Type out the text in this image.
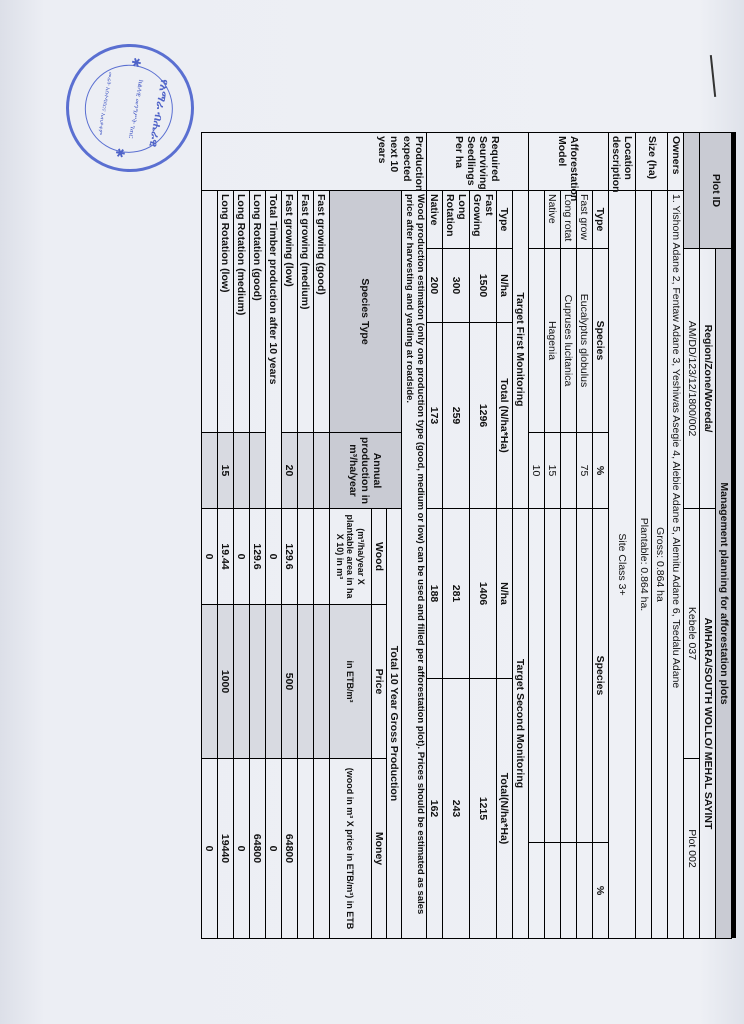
✱
✱
የአማራ ብሔራዊ
ክልላዊ መንግሥት ገጠር
መሬት አስተዳደርና አጠቃቀም
Plot ID		Management planning for afforestation plots							
		Region/Zone/Woreda/			AMHARA/SOUTH WOLLO/ MEHAL SAYINT				
		AM/DD/123/12/1800/002			Kebele 037			Plot 002	
Owners	1. Yishom Adane 2, Fentaw Adane 3, Yeshiwas Asegie 4, Alebie Adane 5, Alemitu Adane 6, Tsedalu Adane								
Size (ha)	Gross: 0.864 ha								
	Plantable: 0.864 ha.								
Location description	Site Class 3+								
Afforestation Model	Type	Species		%	Species				%
	Fast grow	Eucalyptus globulus		75					
	Long rotat	Cupruses lucitanica							
	Native	Hagenia		15					
				10					
Required Seurviving Seedlings Per ha	Target First Monitoring				Target Second Monitoring				
	Type	N/ha	Total (N/ha*Ha)		N/ha		Total(N/ha*Ha)		
	Fast Growing	1500	1296		1406		1215		
	Long Rotation	300	259		281		243		
	Native	200	173		188		162		
Production expected next 10 years	Wood production estimaton (only one production type (good, medium or low) can be used and filled per afforestation plot). Prices should be estimated as sales price after harvesting and yarding at roadside.								
	Species Type			Annual production in m³/ha/year	Total 10 Year Gross Production				
					Wood	Price		Money	
					(m³/ha/year X plantable area in ha X 10) in m³	in ETB/m³		(wood in m³ X price in ETB/m³) in ETB	
	Fast growing (good)								
	Fast growing (medium)								
	Fast growing (low)			20	129.6	500		64800	
	Total Timber production after 10 years				0			0	
	Long Rotation (good)				129.6			64800	
	Long Rotation (medium)				0			0	
	Long Rotation (low)			15	19.44	1000		19440	
					0			0	
